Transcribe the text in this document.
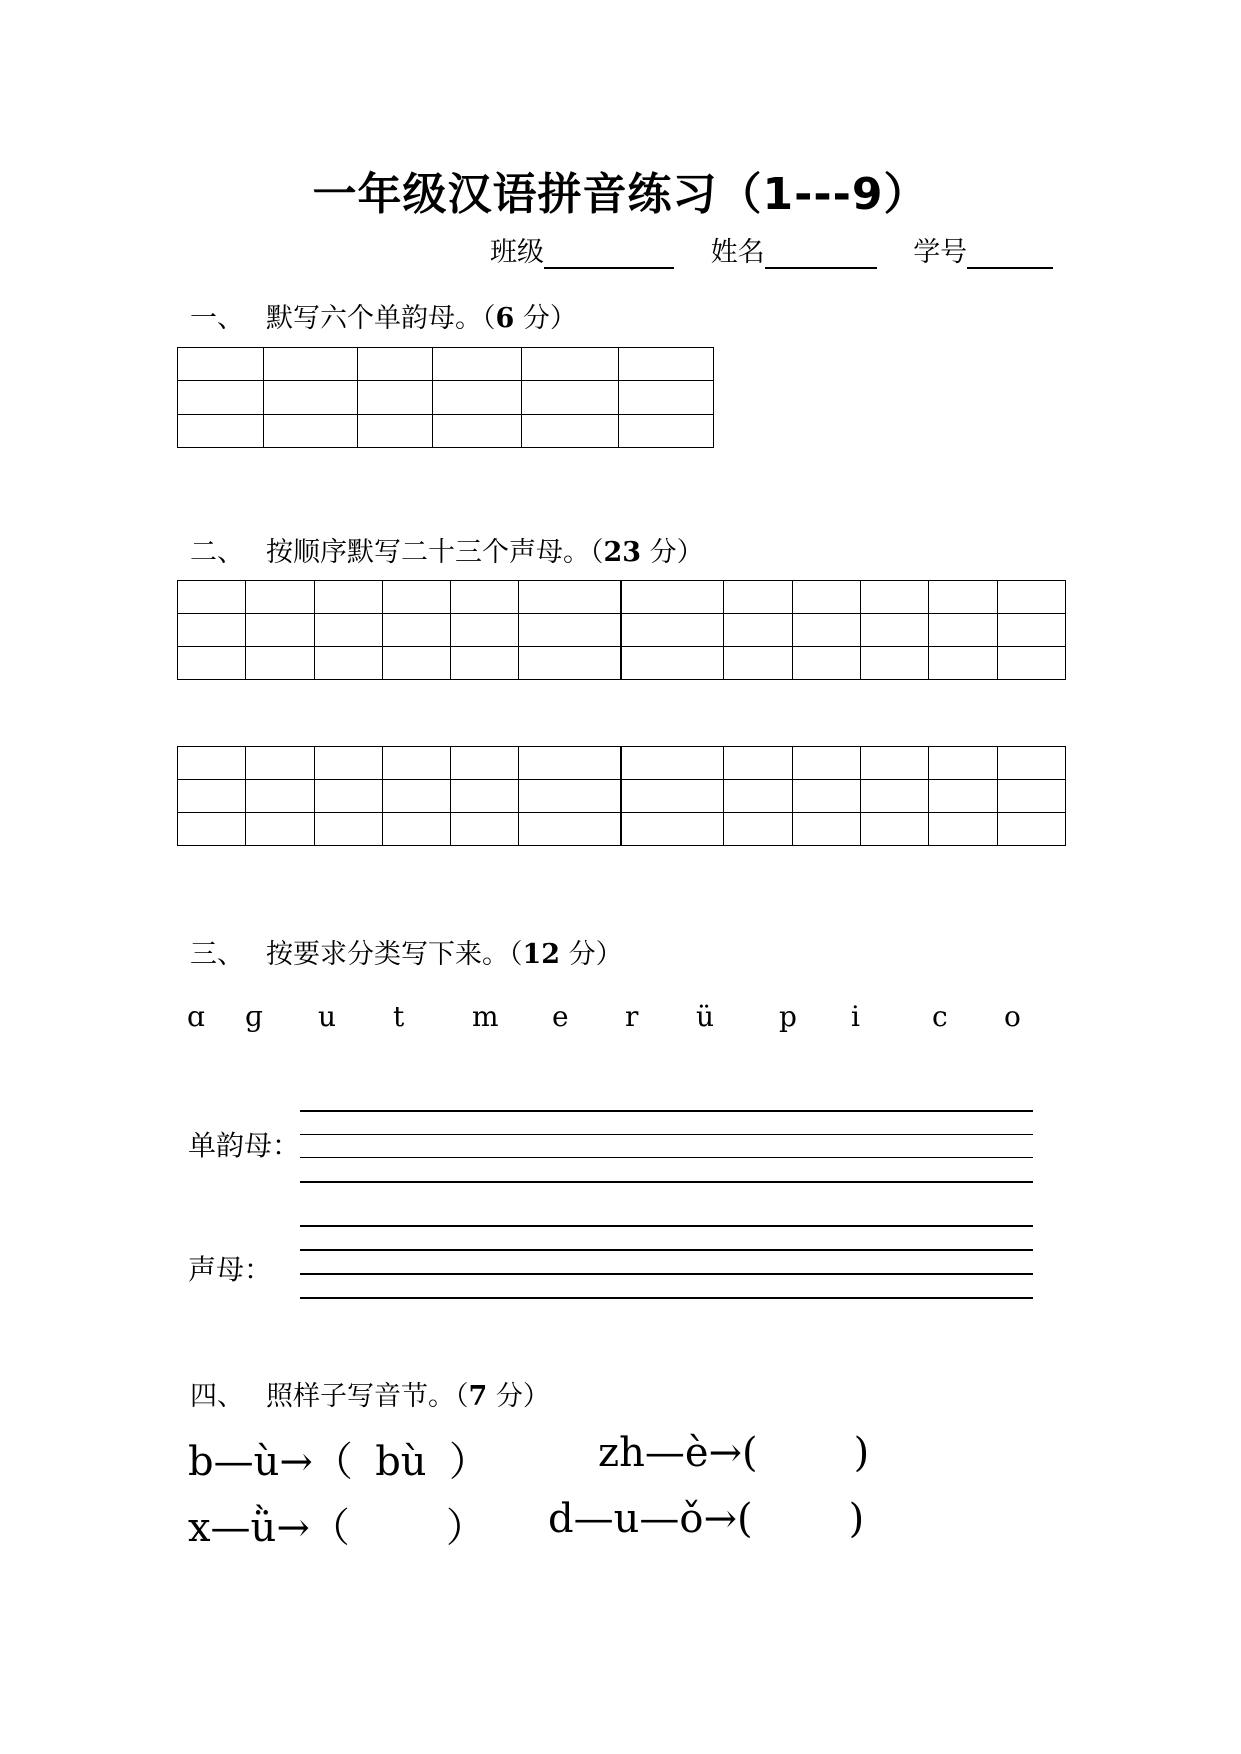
一年级汉语拼音练习（1---9）
班级	姓名	学号
一、 默写六个单韵母。（6 分）

二、 按顺序默写二十三个声母。（23 分）

三、 按要求分类写下来。（12 分）
ɑ ɡ u t m e r ü p i	c o
单韵母：
声母：
四、 照样子写音节。（7 分）
b—ù→（ bù ）	zh—è→( )
x—ǜ→（ ） d—u—ǒ→( )
